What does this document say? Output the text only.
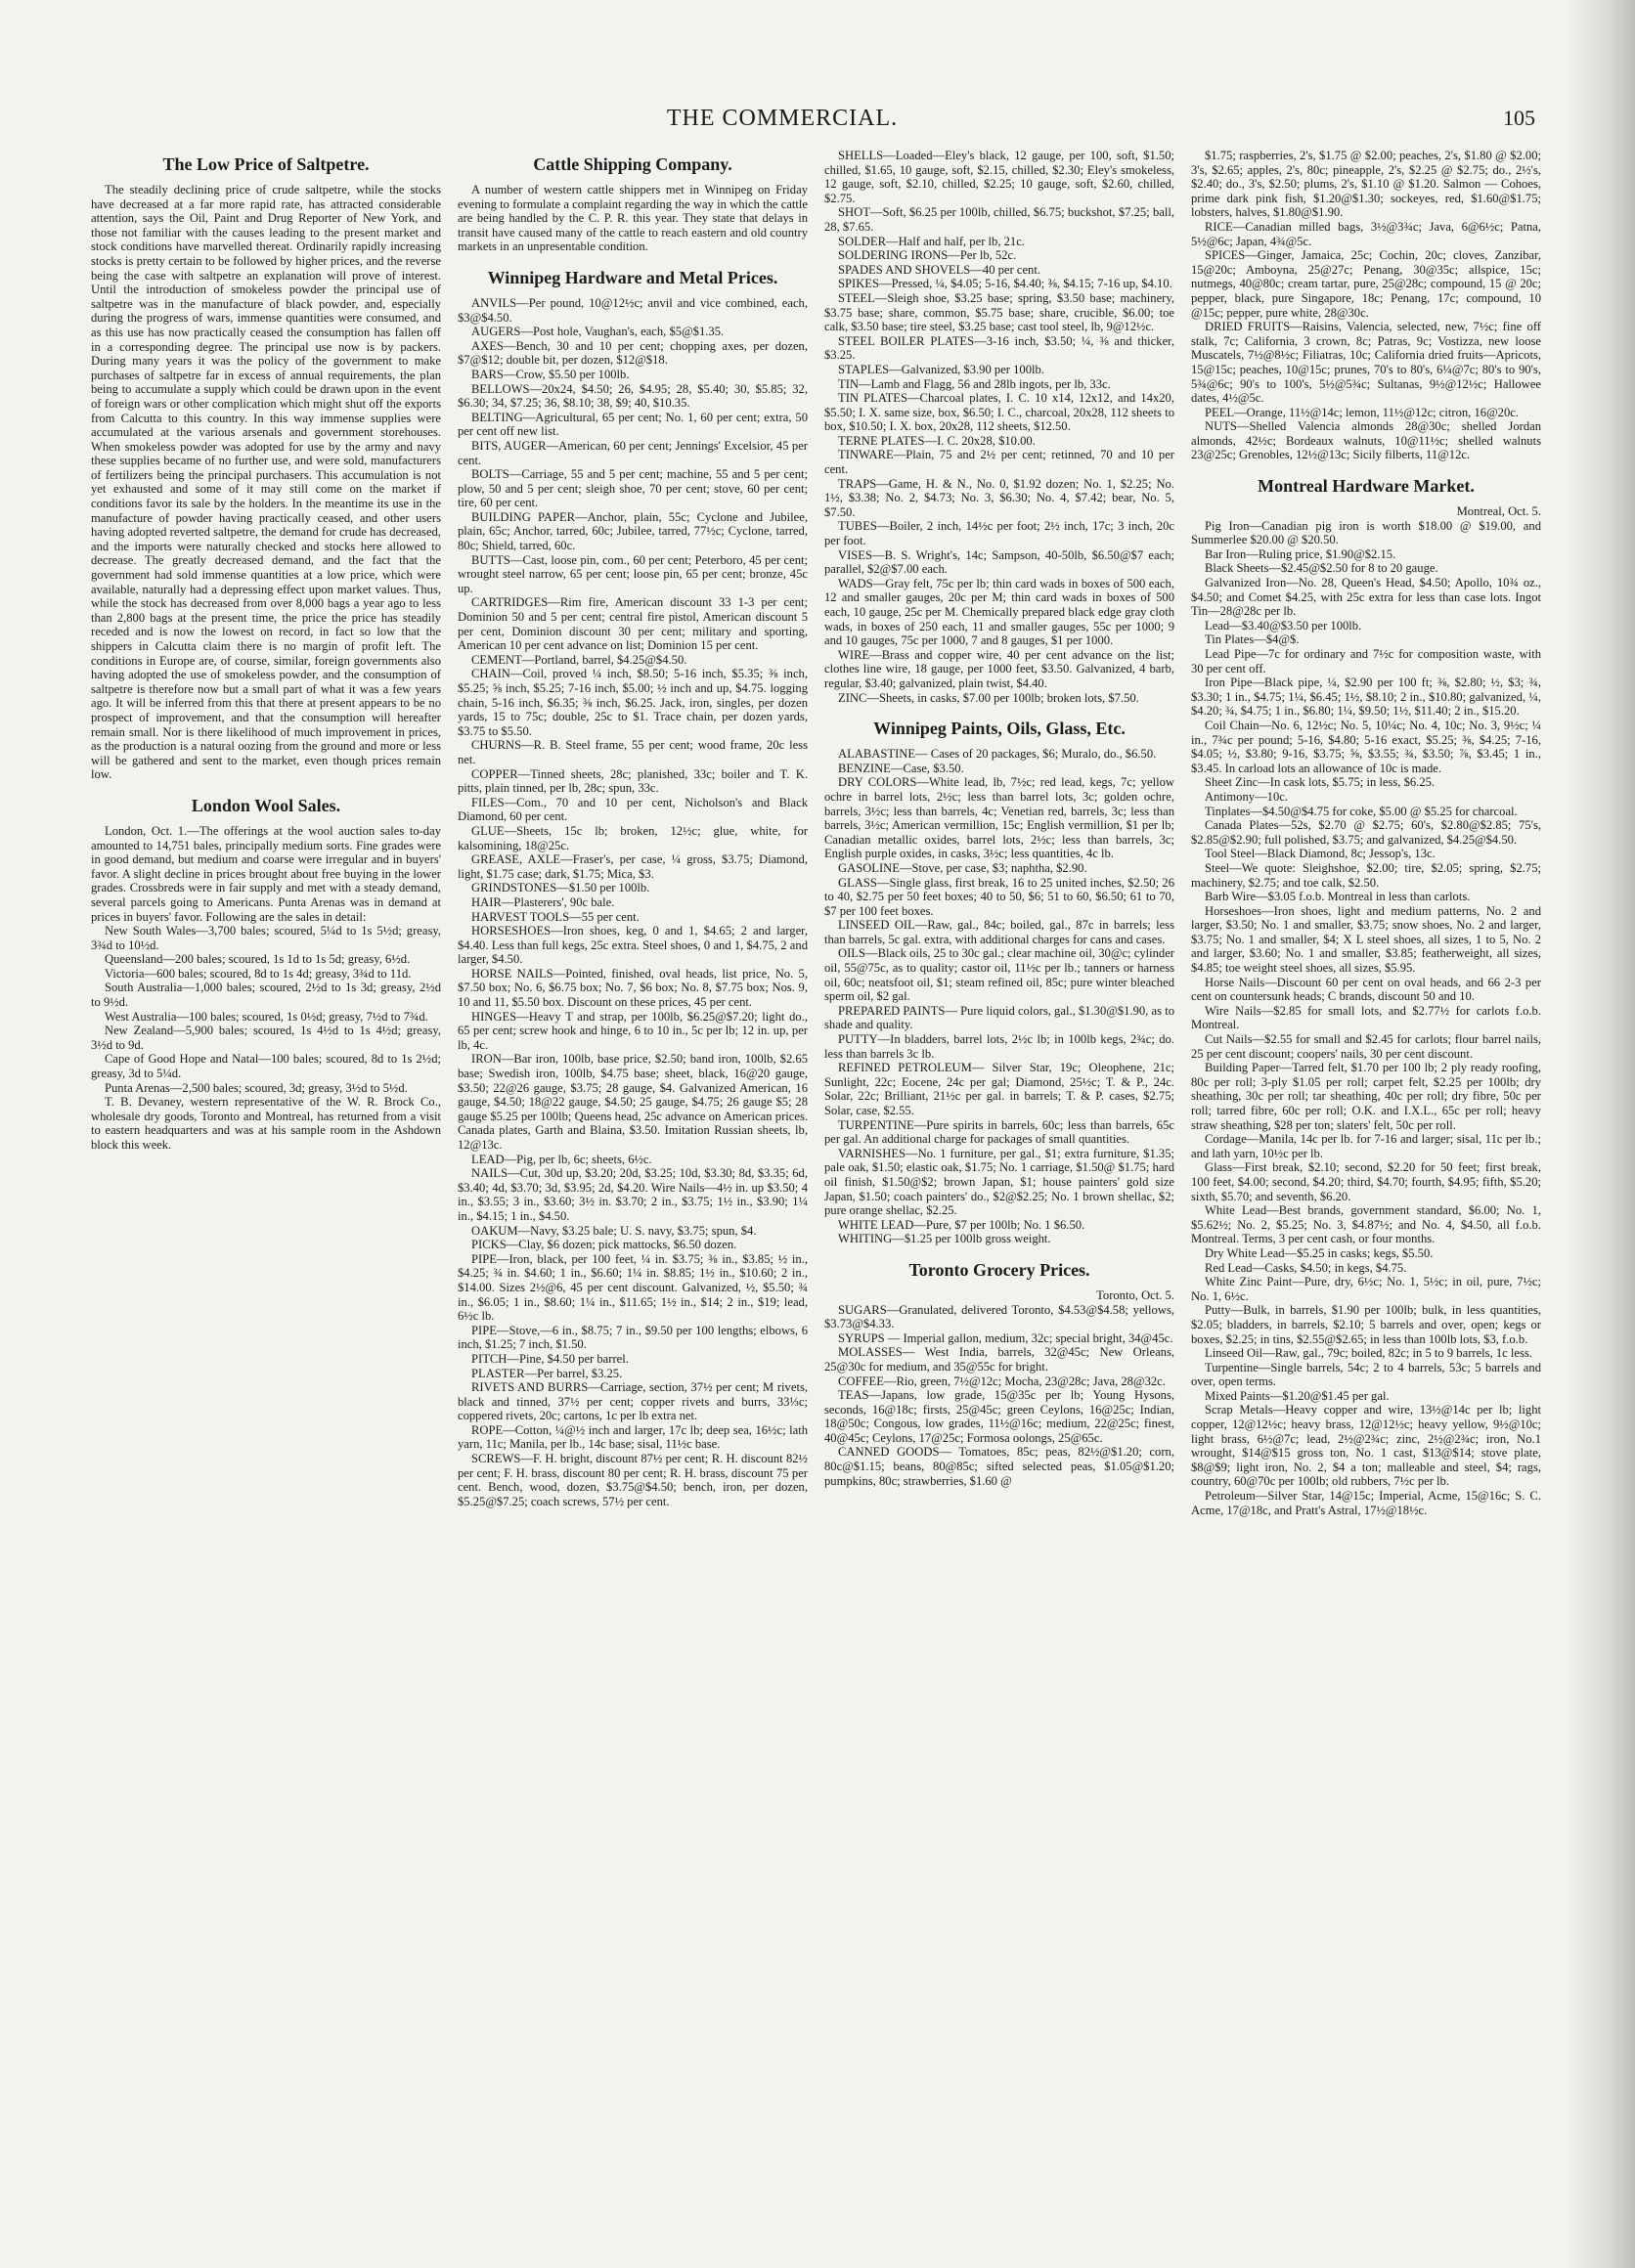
THE COMMERCIAL.	105
The Low Price of Saltpetre.

The steadily declining price of crude saltpetre, while the stocks have decreased at a far more rapid rate, has attracted considerable attention, says the Oil, Paint and Drug Reporter of New York, and those not familiar with the causes leading to the present market and stock conditions have marvelled thereat. Ordinarily rapidly increasing stocks is pretty certain to be followed by higher prices, and the reverse being the case with saltpetre an explanation will prove of interest. Until the introduction of smokeless powder the principal use of saltpetre was in the manufacture of black powder, and, especially during the progress of wars, immense quantities were consumed, and as this use has now practically ceased the consumption has fallen off in a corresponding degree. The principal use now is by packers. During many years it was the policy of the government to make purchases of saltpetre far in excess of annual requirements, the plan being to accumulate a supply which could be drawn upon in the event of foreign wars or other complication which might shut off the exports from Calcutta to this country. In this way immense supplies were accumulated at the various arsenals and government storehouses. When smokeless powder was adopted for use by the army and navy these supplies became of no further use, and were sold, manufacturers of fertilizers being the principal purchasers. This accumulation is not yet exhausted and some of it may still come on the market if conditions favor its sale by the holders. In the meantime its use in the manufacture of powder having practically ceased, and other users having adopted reverted saltpetre, the demand for crude has decreased, and the imports were naturally checked and stocks here allowed to decrease. The greatly decreased demand, and the fact that the government had sold immense quantities at a low price, which were available, naturally had a depressing effect upon market values. Thus, while the stock has decreased from over 8,000 bags a year ago to less than 2,800 bags at the present time, the price the price has steadily receded and is now the lowest on record, in fact so low that the shippers in Calcutta claim there is no margin of profit left. The conditions in Europe are, of course, similar, foreign governments also having adopted the use of smokeless powder, and the consumption of saltpetre is therefore now but a small part of what it was a few years ago. It will be inferred from this that there at present appears to be no prospect of improvement, and that the consumption will hereafter remain small. Nor is there likelihood of much improvement in prices, as the production is a natural oozing from the ground and more or less will be gathered and sent to the market, even though prices remain low.

London Wool Sales.

London, Oct. 1.—The offerings at the wool auction sales to-day amounted to 14,751 bales, principally medium sorts. Fine grades were in good demand, but medium and coarse were irregular and in buyers' favor. A slight decline in prices brought about free buying in the lower grades. Crossbreds were in fair supply and met with a steady demand, several parcels going to Americans. Punta Arenas was in demand at prices in buyers' favor. Following are the sales in detail:

New South Wales—3,700 bales; scoured, 5¼d to 1s 5½d; greasy, 3¾d to 10½d.

Queensland—200 bales; scoured, 1s 1d to 1s 5d; greasy, 6½d.

Victoria—600 bales; scoured, 8d to 1s 4d; greasy, 3¾d to 11d.

South Australia—1,000 bales; scoured, 2½d to 1s 3d; greasy, 2½d to 9½d.

West Australia—100 bales; scoured, 1s 0½d; greasy, 7½d to 7¾d.

New Zealand—5,900 bales; scoured, 1s 4½d to 1s 4½d; greasy, 3½d to 9d.

Cape of Good Hope and Natal—100 bales; scoured, 8d to 1s 2½d; greasy, 3d to 5¼d.

Punta Arenas—2,500 bales; scoured, 3d; greasy, 3½d to 5½d.

T. B. Devaney, western representative of the W. R. Brock Co., wholesale dry goods, Toronto and Montreal, has returned from a visit to eastern headquarters and was at his sample room in the Ashdown block this week.

Cattle Shipping Company.

A number of western cattle shippers met in Winnipeg on Friday evening to formulate a complaint regarding the way in which the cattle are being handled by the C. P. R. this year. They state that delays in transit have caused many of the cattle to reach eastern and old country markets in an unpresentable condition.

Winnipeg Hardware and Metal Prices.

ANVILS—Per pound, 10@12½c; anvil and vice combined, each, $3@$4.50.

AUGERS—Post hole, Vaughan's, each, $5@$1.35.

AXES—Bench, 30 and 10 per cent; chopping axes, per dozen, $7@$12; double bit, per dozen, $12@$18.

BARS—Crow, $5.50 per 100lb.

BELLOWS—20x24, $4.50; 26, $4.95; 28, $5.40; 30, $5.85; 32, $6.30; 34, $7.25; 36, $8.10; 38, $9; 40, $10.35.

BELTING—Agricultural, 65 per cent; No. 1, 60 per cent; extra, 50 per cent off new list.

BITS, AUGER—American, 60 per cent; Jennings' Excelsior, 45 per cent.

BOLTS—Carriage, 55 and 5 per cent; machine, 55 and 5 per cent; plow, 50 and 5 per cent; sleigh shoe, 70 per cent; stove, 60 per cent; tire, 60 per cent.

BUILDING PAPER—Anchor, plain, 55c; Cyclone and Jubilee, plain, 65c; Anchor, tarred, 60c; Jubilee, tarred, 77½c; Cyclone, tarred, 80c; Shield, tarred, 60c.

BUTTS—Cast, loose pin, com., 60 per cent; Peterboro, 45 per cent; wrought steel narrow, 65 per cent; loose pin, 65 per cent; bronze, 45c up.

CARTRIDGES—Rim fire, American discount 33 1-3 per cent; Dominion 50 and 5 per cent; central fire pistol, American discount 5 per cent, Dominion discount 30 per cent; military and sporting, American 10 per cent advance on list; Dominion 15 per cent.

CEMENT—Portland, barrel, $4.25@$4.50.

CHAIN—Coil, proved ¼ inch, $8.50; 5-16 inch, $5.35; ⅜ inch, $5.25; ⅝ inch, $5.25; 7-16 inch, $5.00; ½ inch and up, $4.75. logging chain, 5-16 inch, $6.35; ⅜ inch, $6.25. Jack, iron, singles, per dozen yards, 15 to 75c; double, 25c to $1. Trace chain, per dozen yards, $3.75 to $5.50.

CHURNS—R. B. Steel frame, 55 per cent; wood frame, 20c less net.

COPPER—Tinned sheets, 28c; planished, 33c; boiler and T. K. pitts, plain tinned, per lb, 28c; spun, 33c.

FILES—Com., 70 and 10 per cent, Nicholson's and Black Diamond, 60 per cent.

GLUE—Sheets, 15c lb; broken, 12½c; glue, white, for kalsomining, 18@25c.

GREASE, AXLE—Fraser's, per case, ¼ gross, $3.75; Diamond, light, $1.75 case; dark, $1.75; Mica, $3.

GRINDSTONES—$1.50 per 100lb.

HAIR—Plasterers', 90c bale.

HARVEST TOOLS—55 per cent.

HORSESHOES—Iron shoes, keg, 0 and 1, $4.65; 2 and larger, $4.40. Less than full kegs, 25c extra. Steel shoes, 0 and 1, $4.75, 2 and larger, $4.50.

HORSE NAILS—Pointed, finished, oval heads, list price, No. 5, $7.50 box; No. 6, $6.75 box; No. 7, $6 box; No. 8, $7.75 box; Nos. 9, 10 and 11, $5.50 box. Discount on these prices, 45 per cent.

HINGES—Heavy T and strap, per 100lb, $6.25@$7.20; light do., 65 per cent; screw hook and hinge, 6 to 10 in., 5c per lb; 12 in. up, per lb, 4c.

IRON—Bar iron, 100lb, base price, $2.50; band iron, 100lb, $2.65 base; Swedish iron, 100lb, $4.75 base; sheet, black, 16@20 gauge, $3.50; 22@26 gauge, $3.75; 28 gauge, $4. Galvanized American, 16 gauge, $4.50; 18@22 gauge, $4.50; 25 gauge, $4.75; 26 gauge $5; 28 gauge $5.25 per 100lb; Queens head, 25c advance on American prices. Canada plates, Garth and Blaina, $3.50. Imitation Russian sheets, lb, 12@13c.

LEAD—Pig, per lb, 6c; sheets, 6½c.

NAILS—Cut, 30d up, $3.20; 20d, $3.25; 10d, $3.30; 8d, $3.35; 6d, $3.40; 4d, $3.70; 3d, $3.95; 2d, $4.20. Wire Nails—4½ in. up $3.50; 4 in., $3.55; 3 in., $3.60; 3½ in. $3.70; 2 in., $3.75; 1½ in., $3.90; 1¼ in., $4.15; 1 in., $4.50.

OAKUM—Navy, $3.25 bale; U. S. navy, $3.75; spun, $4.

PICKS—Clay, $6 dozen; pick mattocks, $6.50 dozen.

PIPE—Iron, black, per 100 feet, ¼ in. $3.75; ⅜ in., $3.85; ½ in., $4.25; ¾ in. $4.60; 1 in., $6.60; 1¼ in. $8.85; 1½ in., $10.60; 2 in., $14.00. Sizes 2½@6, 45 per cent discount. Galvanized, ½, $5.50; ¾ in., $6.05; 1 in., $8.60; 1¼ in., $11.65; 1½ in., $14; 2 in., $19; lead, 6½c lb.

PIPE—Stove,—6 in., $8.75; 7 in., $9.50 per 100 lengths; elbows, 6 inch, $1.25; 7 inch, $1.50.

PITCH—Pine, $4.50 per barrel.

PLASTER—Per barrel, $3.25.

RIVETS AND BURRS—Carriage, section, 37½ per cent; M rivets, black and tinned, 37½ per cent; copper rivets and burrs, 33⅓c; coppered rivets, 20c; cartons, 1c per lb extra net.

ROPE—Cotton, ¼@½ inch and larger, 17c lb; deep sea, 16½c; lath yarn, 11c; Manila, per lb., 14c base; sisal, 11½c base.

SCREWS—F. H. bright, discount 87½ per cent; R. H. discount 82½ per cent; F. H. brass, discount 80 per cent; R. H. brass, discount 75 per cent. Bench, wood, dozen, $3.75@$4.50; bench, iron, per dozen, $5.25@$7.25; coach screws, 57½ per cent.

SHELLS—Loaded—Eley's black, 12 gauge, per 100, soft, $1.50; chilled, $1.65, 10 gauge, soft, $2.15, chilled, $2.30; Eley's smokeless, 12 gauge, soft, $2.10, chilled, $2.25; 10 gauge, soft, $2.60, chilled, $2.75.

SHOT—Soft, $6.25 per 100lb, chilled, $6.75; buckshot, $7.25; ball, 28, $7.65.

SOLDER—Half and half, per lb, 21c.

SOLDERING IRONS—Per lb, 52c.

SPADES AND SHOVELS—40 per cent.

SPIKES—Pressed, ¼, $4.05; 5-16, $4.40; ⅜, $4.15; 7-16 up, $4.10.

STEEL—Sleigh shoe, $3.25 base; spring, $3.50 base; machinery, $3.75 base; share, common, $5.75 base; share, crucible, $6.00; toe calk, $3.50 base; tire steel, $3.25 base; cast tool steel, lb, 9@12½c.

STEEL BOILER PLATES—3-16 inch, $3.50; ¼, ⅜ and thicker, $3.25.

STAPLES—Galvanized, $3.90 per 100lb.

TIN—Lamb and Flagg, 56 and 28lb ingots, per lb, 33c.

TIN PLATES—Charcoal plates, I. C. 10 x14, 12x12, and 14x20, $5.50; I. X. same size, box, $6.50; I. C., charcoal, 20x28, 112 sheets to box, $10.50; I. X. box, 20x28, 112 sheets, $12.50.

TERNE PLATES—I. C. 20x28, $10.00.

TINWARE—Plain, 75 and 2½ per cent; retinned, 70 and 10 per cent.

TRAPS—Game, H. & N., No. 0, $1.92 dozen; No. 1, $2.25; No. 1½, $3.38; No. 2, $4.73; No. 3, $6.30; No. 4, $7.42; bear, No. 5, $7.50.

TUBES—Boiler, 2 inch, 14½c per foot; 2½ inch, 17c; 3 inch, 20c per foot.

VISES—B. S. Wright's, 14c; Sampson, 40-50lb, $6.50@$7 each; parallel, $2@$7.00 each.

WADS—Gray felt, 75c per lb; thin card wads in boxes of 500 each, 12 and smaller gauges, 20c per M; thin card wads in boxes of 500 each, 10 gauge, 25c per M. Chemically prepared black edge gray cloth wads, in boxes of 250 each, 11 and smaller gauges, 55c per 1000; 9 and 10 gauges, 75c per 1000, 7 and 8 gauges, $1 per 1000.

WIRE—Brass and copper wire, 40 per cent advance on the list; clothes line wire, 18 gauge, per 1000 feet, $3.50. Galvanized, 4 barb, regular, $3.40; galvanized, plain twist, $4.40.

ZINC—Sheets, in casks, $7.00 per 100lb; broken lots, $7.50.

Winnipeg Paints, Oils, Glass, Etc.

ALABASTINE— Cases of 20 packages, $6; Muralo, do., $6.50.

BENZINE—Case, $3.50.

DRY COLORS—White lead, lb, 7½c; red lead, kegs, 7c; yellow ochre in barrel lots, 2½c; less than barrel lots, 3c; golden ochre, barrels, 3½c; less than barrels, 4c; Venetian red, barrels, 3c; less than barrels, 3½c; American vermillion, 15c; English vermillion, $1 per lb; Canadian metallic oxides, barrel lots, 2½c; less than barrels, 3c; English purple oxides, in casks, 3½c; less quantities, 4c lb.

GASOLINE—Stove, per case, $3; naphtha, $2.90.

GLASS—Single glass, first break, 16 to 25 united inches, $2.50; 26 to 40, $2.75 per 50 feet boxes; 40 to 50, $6; 51 to 60, $6.50; 61 to 70, $7 per 100 feet boxes.

LINSEED OIL—Raw, gal., 84c; boiled, gal., 87c in barrels; less than barrels, 5c gal. extra, with additional charges for cans and cases.

OILS—Black oils, 25 to 30c gal.; clear machine oil, 30@c; cylinder oil, 55@75c, as to quality; castor oil, 11½c per lb.; tanners or harness oil, 60c; neatsfoot oil, $1; steam refined oil, 85c; pure winter bleached sperm oil, $2 gal.

PREPARED PAINTS— Pure liquid colors, gal., $1.30@$1.90, as to shade and quality.

PUTTY—In bladders, barrel lots, 2½c lb; in 100lb kegs, 2¾c; do. less than barrels 3c lb.

REFINED PETROLEUM— Silver Star, 19c; Oleophene, 21c; Sunlight, 22c; Eocene, 24c per gal; Diamond, 25½c; T. & P., 24c. Solar, 22c; Brilliant, 21½c per gal. in barrels; T. & P. cases, $2.75; Solar, case, $2.55.

TURPENTINE—Pure spirits in barrels, 60c; less than barrels, 65c per gal. An additional charge for packages of small quantities.

VARNISHES—No. 1 furniture, per gal., $1; extra furniture, $1.35; pale oak, $1.50; elastic oak, $1.75; No. 1 carriage, $1.50@ $1.75; hard oil finish, $1.50@$2; brown Japan, $1; house painters' gold size Japan, $1.50; coach painters' do., $2@$2.25; No. 1 brown shellac, $2; pure orange shellac, $2.25.

WHITE LEAD—Pure, $7 per 100lb; No. 1 $6.50.

WHITING—$1.25 per 100lb gross weight.

Toronto Grocery Prices.

Toronto, Oct. 5.

SUGARS—Granulated, delivered Toronto, $4.53@$4.58; yellows, $3.73@$4.33.

SYRUPS — Imperial gallon, medium, 32c; special bright, 34@45c.

MOLASSES— West India, barrels, 32@45c; New Orleans, 25@30c for medium, and 35@55c for bright.

COFFEE—Rio, green, 7½@12c; Mocha, 23@28c; Java, 28@32c.

TEAS—Japans, low grade, 15@35c per lb; Young Hysons, seconds, 16@18c; firsts, 25@45c; green Ceylons, 16@25c; Indian, 18@50c; Congous, low grades, 11½@16c; medium, 22@25c; finest, 40@45c; Ceylons, 17@25c; Formosa oolongs, 25@65c.

CANNED GOODS— Tomatoes, 85c; peas, 82½@$1.20; corn, 80c@$1.15; beans, 80@85c; sifted selected peas, $1.05@$1.20; pumpkins, 80c; strawberries, $1.60 @

$1.75; raspberries, 2's, $1.75 @ $2.00; peaches, 2's, $1.80 @ $2.00; 3's, $2.65; apples, 2's, 80c; pineapple, 2's, $2.25 @ $2.75; do., 2½'s, $2.40; do., 3's, $2.50; plums, 2's, $1.10 @ $1.20. Salmon — Cohoes, prime dark pink fish, $1.20@$1.30; sockeyes, red, $1.60@$1.75; lobsters, halves, $1.80@$1.90.

RICE—Canadian milled bags, 3½@3¾c; Java, 6@6½c; Patna, 5½@6c; Japan, 4¾@5c.

SPICES—Ginger, Jamaica, 25c; Cochin, 20c; cloves, Zanzibar, 15@20c; Amboyna, 25@27c; Penang, 30@35c; allspice, 15c; nutmegs, 40@80c; cream tartar, pure, 25@28c; compound, 15 @ 20c; pepper, black, pure Singapore, 18c; Penang, 17c; compound, 10 @15c; pepper, pure white, 28@30c.

DRIED FRUITS—Raisins, Valencia, selected, new, 7½c; fine off stalk, 7c; California, 3 crown, 8c; Patras, 9c; Vostizza, new loose Muscatels, 7½@8½c; Filiatras, 10c; California dried fruits—Apricots, 15@15c; peaches, 10@15c; prunes, 70's to 80's, 6¼@7c; 80's to 90's, 5¾@6c; 90's to 100's, 5½@5¾c; Sultanas, 9½@12½c; Hallowee dates, 4½@5c.

PEEL—Orange, 11½@14c; lemon, 11½@12c; citron, 16@20c.

NUTS—Shelled Valencia almonds 28@30c; shelled Jordan almonds, 42½c; Bordeaux walnuts, 10@11½c; shelled walnuts 23@25c; Grenobles, 12½@13c; Sicily filberts, 11@12c.

Montreal Hardware Market.

Montreal, Oct. 5.

Pig Iron—Canadian pig iron is worth $18.00 @ $19.00, and Summerlee $20.00 @ $20.50.

Bar Iron—Ruling price, $1.90@$2.15.

Black Sheets—$2.45@$2.50 for 8 to 20 gauge.

Galvanized Iron—No. 28, Queen's Head, $4.50; Apollo, 10¾ oz., $4.50; and Comet $4.25, with 25c extra for less than case lots. Ingot Tin—28@28c per lb.

Lead—$3.40@$3.50 per 100lb.

Tin Plates—$4@$.

Lead Pipe—7c for ordinary and 7½c for composition waste, with 30 per cent off.

Iron Pipe—Black pipe, ¼, $2.90 per 100 ft; ⅜, $2.80; ½, $3; ¾, $3.30; 1 in., $4.75; 1¼, $6.45; 1½, $8.10; 2 in., $10.80; galvanized, ¼, $4.20; ¾, $4.75; 1 in., $6.80; 1¼, $9.50; 1½, $11.40; 2 in., $15.20.

Coil Chain—No. 6, 12½c; No. 5, 10¼c; No. 4, 10c; No. 3, 9½c; ¼ in., 7¾c per pound; 5-16, $4.80; 5-16 exact, $5.25; ⅜, $4.25; 7-16, $4.05; ½, $3.80; 9-16, $3.75; ⅝, $3.55; ¾, $3.50; ⅞, $3.45; 1 in., $3.45. In carload lots an allowance of 10c is made.

Sheet Zinc—In cask lots, $5.75; in less, $6.25.

Antimony—10c.

Tinplates—$4.50@$4.75 for coke, $5.00 @ $5.25 for charcoal.

Canada Plates—52s, $2.70 @ $2.75; 60's, $2.80@$2.85; 75's, $2.85@$2.90; full polished, $3.75; and galvanized, $4.25@$4.50.

Tool Steel—Black Diamond, 8c; Jessop's, 13c.

Steel—We quote: Sleighshoe, $2.00; tire, $2.05; spring, $2.75; machinery, $2.75; and toe calk, $2.50.

Barb Wire—$3.05 f.o.b. Montreal in less than carlots.

Horseshoes—Iron shoes, light and medium patterns, No. 2 and larger, $3.50; No. 1 and smaller, $3.75; snow shoes, No. 2 and larger, $3.75; No. 1 and smaller, $4; X L steel shoes, all sizes, 1 to 5, No. 2 and larger, $3.60; No. 1 and smaller, $3.85; featherweight, all sizes, $4.85; toe weight steel shoes, all sizes, $5.95.

Horse Nails—Discount 60 per cent on oval heads, and 66 2-3 per cent on countersunk heads; C brands, discount 50 and 10.

Wire Nails—$2.85 for small lots, and $2.77½ for carlots f.o.b. Montreal.

Cut Nails—$2.55 for small and $2.45 for carlots; flour barrel nails, 25 per cent discount; coopers' nails, 30 per cent discount.

Building Paper—Tarred felt, $1.70 per 100 lb; 2 ply ready roofing, 80c per roll; 3-ply $1.05 per roll; carpet felt, $2.25 per 100lb; dry sheathing, 30c per roll; tar sheathing, 40c per roll; dry fibre, 50c per roll; tarred fibre, 60c per roll; O.K. and I.X.L., 65c per roll; heavy straw sheathing, $28 per ton; slaters' felt, 50c per roll.

Cordage—Manila, 14c per lb. for 7-16 and larger; sisal, 11c per lb.; and lath yarn, 10½c per lb.

Glass—First break, $2.10; second, $2.20 for 50 feet; first break, 100 feet, $4.00; second, $4.20; third, $4.70; fourth, $4.95; fifth, $5.20; sixth, $5.70; and seventh, $6.20.

White Lead—Best brands, government standard, $6.00; No. 1, $5.62½; No. 2, $5.25; No. 3, $4.87½; and No. 4, $4.50, all f.o.b. Montreal. Terms, 3 per cent cash, or four months.

Dry White Lead—$5.25 in casks; kegs, $5.50.

Red Lead—Casks, $4.50; in kegs, $4.75.

White Zinc Paint—Pure, dry, 6½c; No. 1, 5½c; in oil, pure, 7½c; No. 1, 6½c.

Putty—Bulk, in barrels, $1.90 per 100lb; bulk, in less quantities, $2.05; bladders, in barrels, $2.10; 5 barrels and over, open; kegs or boxes, $2.25; in tins, $2.55@$2.65; in less than 100lb lots, $3, f.o.b.

Linseed Oil—Raw, gal., 79c; boiled, 82c; in 5 to 9 barrels, 1c less.

Turpentine—Single barrels, 54c; 2 to 4 barrels, 53c; 5 barrels and over, open terms.

Mixed Paints—$1.20@$1.45 per gal.

Scrap Metals—Heavy copper and wire, 13½@14c per lb; light copper, 12@12½c; heavy brass, 12@12½c; heavy yellow, 9½@10c; light brass, 6½@7c; lead, 2½@2¾c; zinc, 2½@2¾c; iron, No.1 wrought, $14@$15 gross ton, No. 1 cast, $13@$14; stove plate, $8@$9; light iron, No. 2, $4 a ton; malleable and steel, $4; rags, country, 60@70c per 100lb; old rubbers, 7½c per lb.

Petroleum—Silver Star, 14@15c; Imperial, Acme, 15@16c; S. C. Acme, 17@18c, and Pratt's Astral, 17½@18½c.
